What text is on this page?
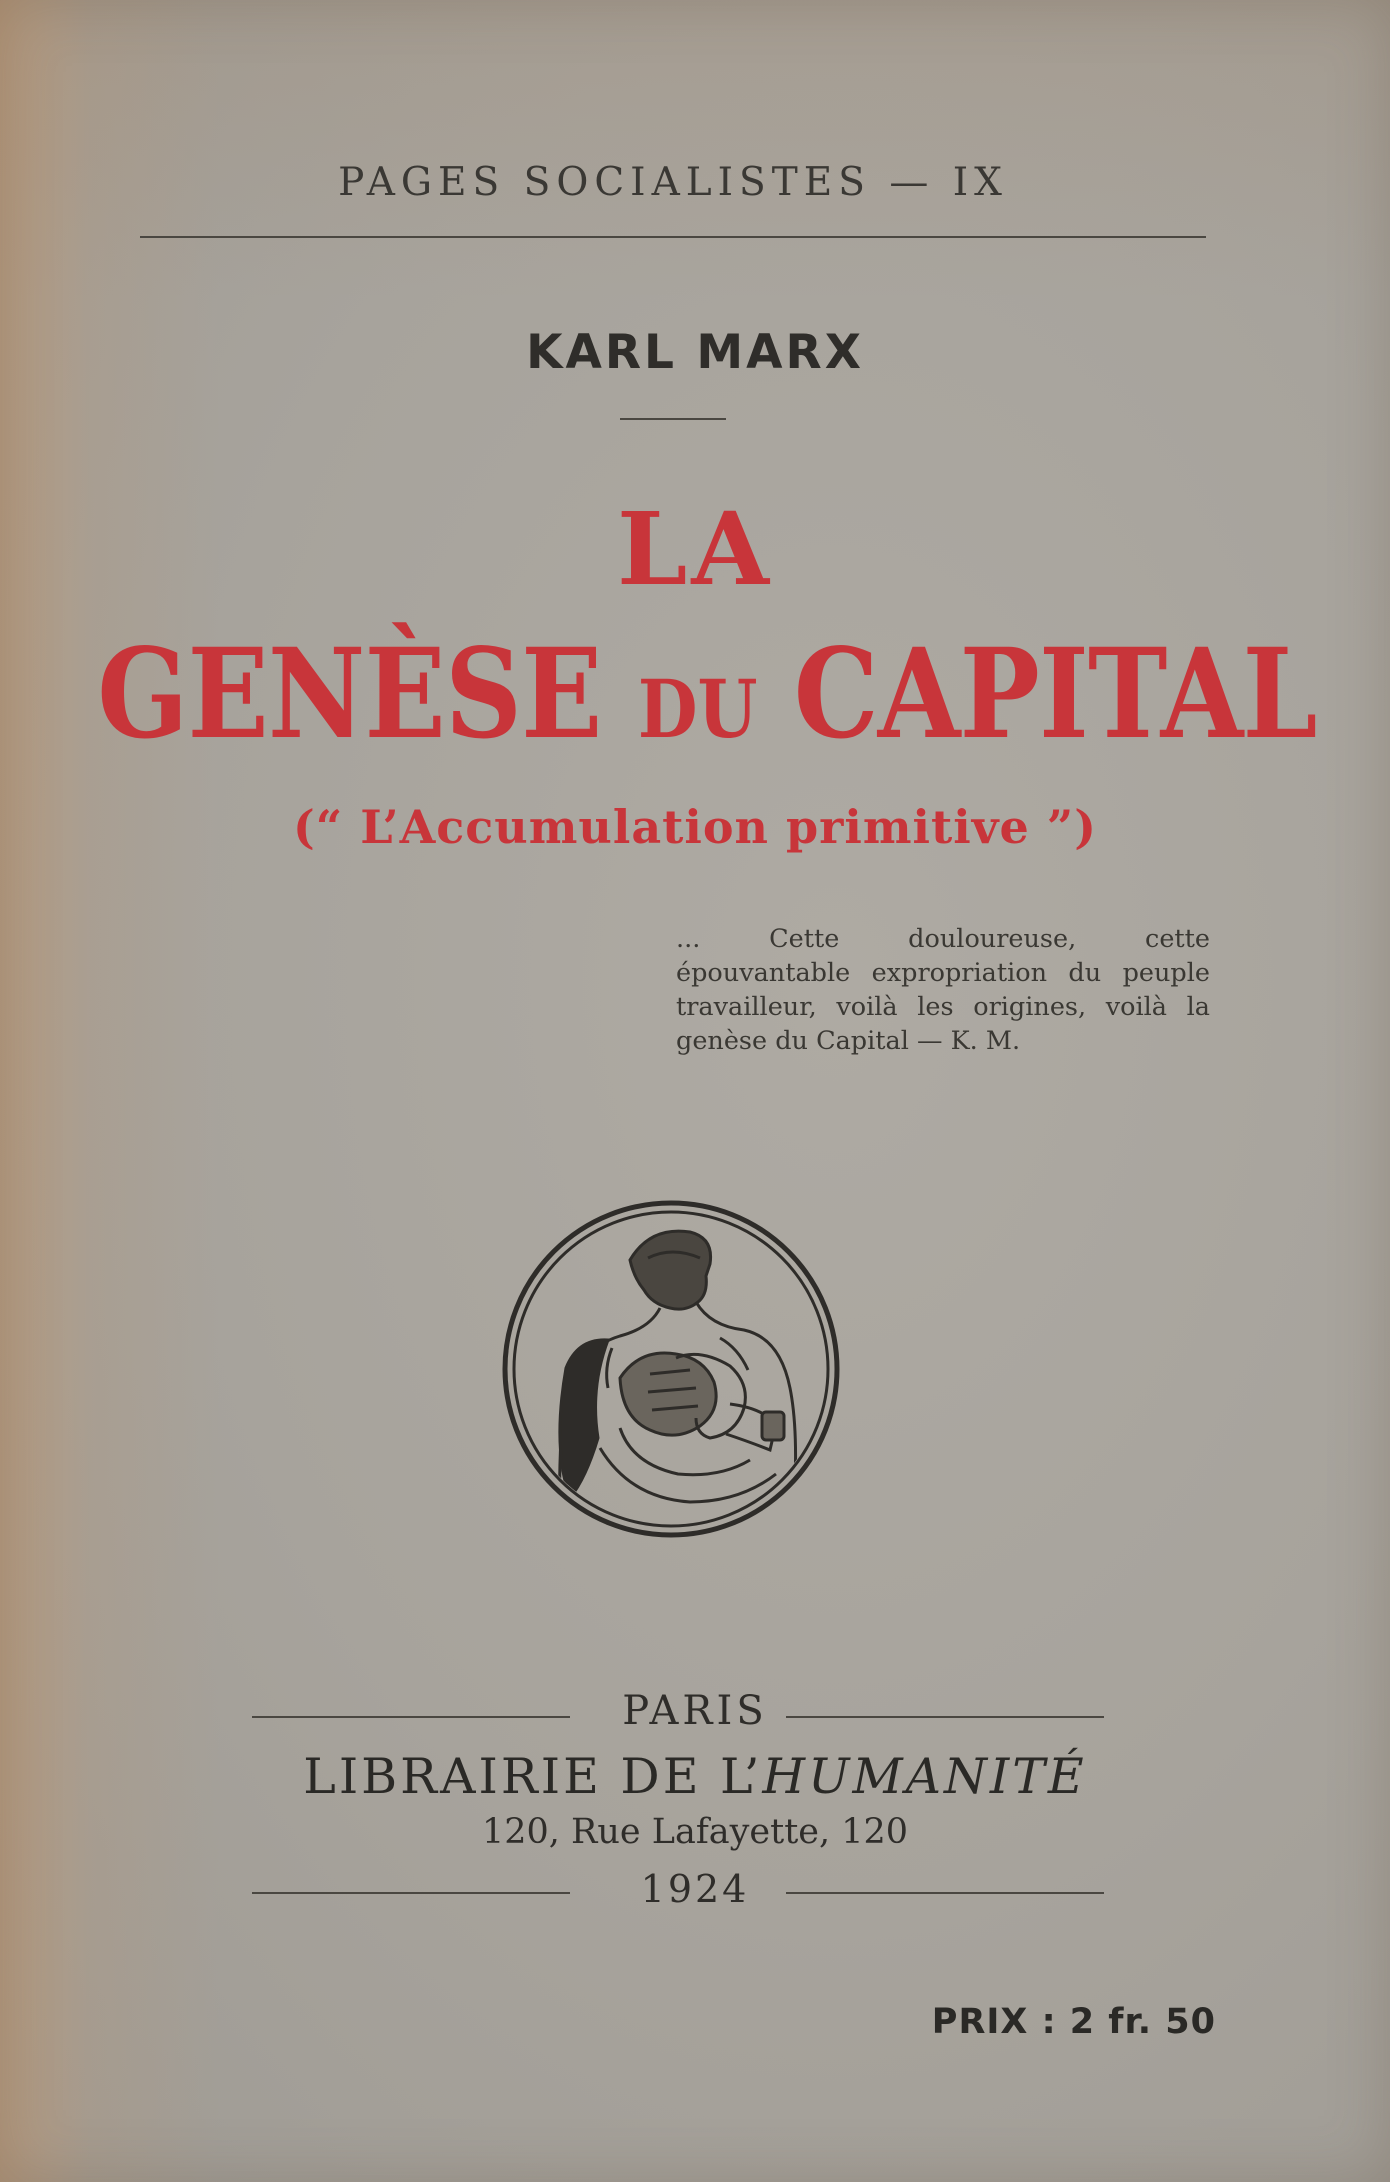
PAGES SOCIALISTES — IX
KARL MARX
LA
GENÈSE DU CAPITAL
(“ L’Accumulation primitive ”)

... Cette douloureuse, cette épouvantable expropriation du peuple travailleur, voilà les origines, voilà la genèse du Capital — K. M.

PARIS
LIBRAIRIE DE L’HUMANITÉ
120, Rue Lafayette, 120
1924
PRIX : 2 fr. 50
